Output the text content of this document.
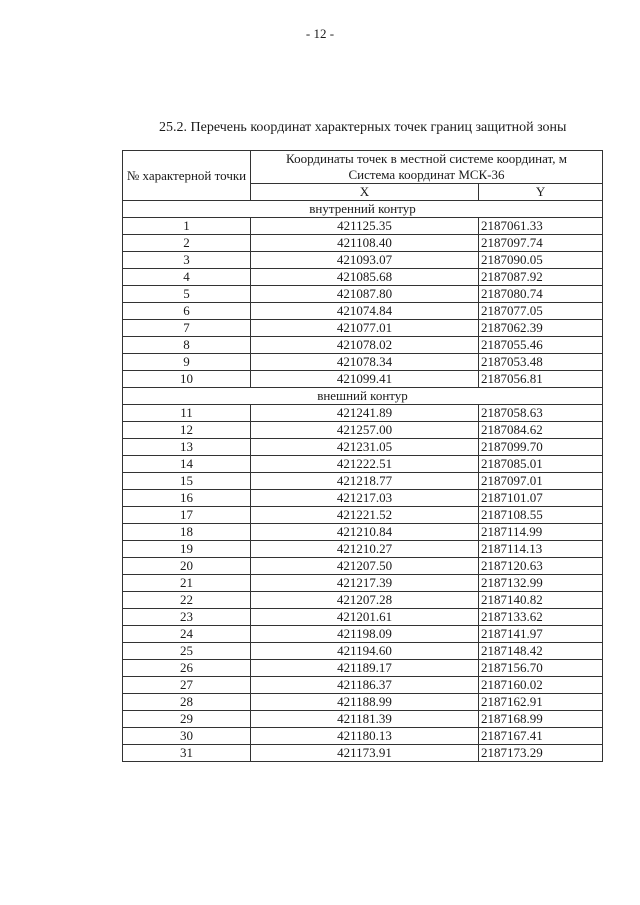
- 12 -
25.2. Перечень координат характерных точек границ защитной зоны
№ характерной точки	Координаты точек в местной системе координат, м
Система координат МСК-36	

	X	Y
внутренний контур		
1	421125.35	2187061.33
2	421108.40	2187097.74
3	421093.07	2187090.05
4	421085.68	2187087.92
5	421087.80	2187080.74
6	421074.84	2187077.05
7	421077.01	2187062.39
8	421078.02	2187055.46
9	421078.34	2187053.48
10	421099.41	2187056.81
внешний контур		
11	421241.89	2187058.63
12	421257.00	2187084.62
13	421231.05	2187099.70
14	421222.51	2187085.01
15	421218.77	2187097.01
16	421217.03	2187101.07
17	421221.52	2187108.55
18	421210.84	2187114.99
19	421210.27	2187114.13
20	421207.50	2187120.63
21	421217.39	2187132.99
22	421207.28	2187140.82
23	421201.61	2187133.62
24	421198.09	2187141.97
25	421194.60	2187148.42
26	421189.17	2187156.70
27	421186.37	2187160.02
28	421188.99	2187162.91
29	421181.39	2187168.99
30	421180.13	2187167.41
31	421173.91	2187173.29
